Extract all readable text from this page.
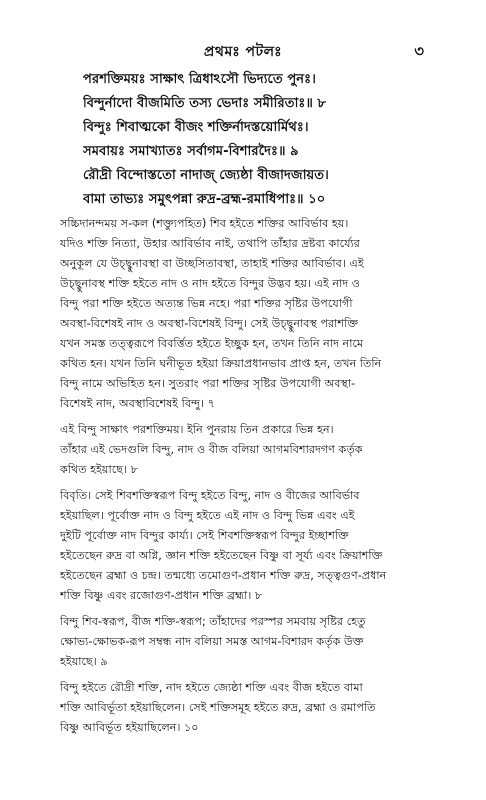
প্রথমঃ পটলঃ	৩
পরশক্তিময়ঃ সাক্ষাৎ ত্রিধাঽসৌ ভিদ্যতে পুনঃ।
বিন্দুর্নাদো বীজমিতি তস্য ভেদাঃ সমীরিতাঃ॥ ৮
বিন্দুঃ শিবাত্মকো বীজং শক্তির্নাদস্তয়োর্মিথঃ।
সমবায়ঃ সমাখ্যাতঃ সর্বাগম-বিশারদৈঃ॥ ৯
রৌদ্রী বিন্দোস্ততো নাদাজ্ জ্যেষ্ঠা বীজাদজায়ত।
বামা তাভ্যঃ সমুৎপন্না রুদ্র-ব্রহ্ম-রমাধিপাঃ॥ ১০
সচ্চিদানন্দময় স-কল (শক্ত্যুপহিত) শিব হইতে শক্তির আবির্ভাব হয়।
যদিও শক্তি নিত্যা, উহার আবির্ভাব নাই, তথাপি তাঁহার দ্রষ্টব্য কার্য্যের
অনুকূল যে উচ্ছ্বুনাবস্থা বা উচ্ছসিতাবস্থা, তাহাই শক্তির আবির্ভাব। এই
উচ্ছ্বুনাবস্থ শক্তি হইতে নাদ ও নাদ হইতে বিন্দুর উদ্ভব হয়। এই নাদ ও
বিন্দু পরা শক্তি হইতে অত্যন্ত ভিন্ন নহে। পরা শক্তির সৃষ্টির উপযোগী
অবস্থা-বিশেষই নাদ ও অবস্থা-বিশেষই বিন্দু। সেই উচ্ছ্বুনাবস্থ পরাশক্তি
যখন সমস্ত তত্ত্বরূপে বিবর্ত্তিত হইতে ইচ্ছুক হন, তখন তিনি নাদ নামে
কথিত হন। যখন তিনি ঘনীভূত হইয়া ক্রিয়াপ্রধানভাব প্রাপ্ত হন, তখন তিনি
বিন্দু নামে অভিহিত হন। সুতরাং পরা শক্তির সৃষ্টির উপযোগী অবস্থা-
বিশেষই নাদ, অবস্থাবিশেষই বিন্দু। ৭
এই বিন্দু সাক্ষাৎ পরশক্তিময়। ইনি পুনরায় তিন প্রকারে ভিন্ন হন।
তাঁহার এই ভেদগুলি বিন্দু, নাদ ও বীজ বলিয়া আগমবিশারদগণ কর্তৃক
কথিত হইয়াছে। ৮
বিবৃতি। সেই শিবশক্তিস্বরূপ বিন্দু হইতে বিন্দু, নাদ ও বীজের আবির্ভাব
হইয়াছিল। পূর্বোক্ত নাদ ও বিন্দু হইতে এই নাদ ও বিন্দু ভিন্ন এবং এই
দুইটি পূর্বোক্ত নাদ বিন্দুর কার্য্য। সেই শিবশক্তিস্বরূপ বিন্দুর ইচ্ছাশক্তি
হইতেছেন রুদ্র বা অগ্নি, জ্ঞান শক্তি হইতেছেন বিষ্ণু বা সূর্য্য এবং ক্রিয়াশক্তি
হইতেছেন ব্রহ্মা ও চন্দ্র। তন্মধ্যে তমোগুণ-প্রধান শক্তি রুদ্র, সত্ত্বগুণ-প্রধান
শক্তি বিষ্ণু এবং রজোগুণ-প্রধান শক্তি ব্রহ্মা। ৮
বিন্দু শিব-স্বরূপ, বীজ শক্তি-স্বরূপ; তাঁহাদের পরস্পর সমবায় সৃষ্টির হেতু
ক্ষোভ্য-ক্ষোভক-রূপ সম্বন্ধ নাদ বলিয়া সমস্ত আগম-বিশারদ কর্তৃক উক্ত
হইয়াছে। ৯
বিন্দু হইতে রৌদ্রী শক্তি, নাদ হইতে জ্যেষ্ঠা শক্তি এবং বীজ হইতে বামা
শক্তি আবির্ভূতা হইয়াছিলেন। সেই শক্তিসমূহ হইতে রুদ্র, ব্রহ্মা ও রমাপতি
বিষ্ণু আবির্ভূত হইয়াছিলেন। ১০
